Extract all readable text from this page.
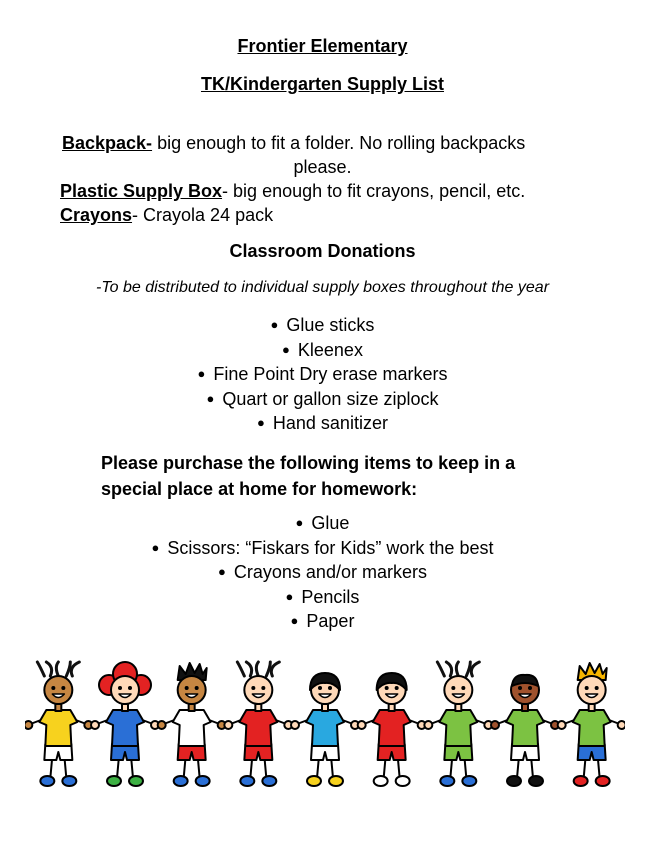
Frontier Elementary
TK/Kindergarten Supply List
Backpack- big enough to fit a folder. No rolling backpacks
please.
Plastic Supply Box- big enough to fit crayons, pencil, etc.
Crayons- Crayola 24 pack
Classroom Donations
-To be distributed to individual supply boxes throughout the year
● Glue sticks
● Kleenex
● Fine Point Dry erase markers
● Quart or gallon size ziplock
● Hand sanitizer
Please purchase the following items to keep in a
special place at home for homework:
● Glue
● Scissors: “Fiskars for Kids” work the best
● Crayons and/or markers
● Pencils
● Paper
